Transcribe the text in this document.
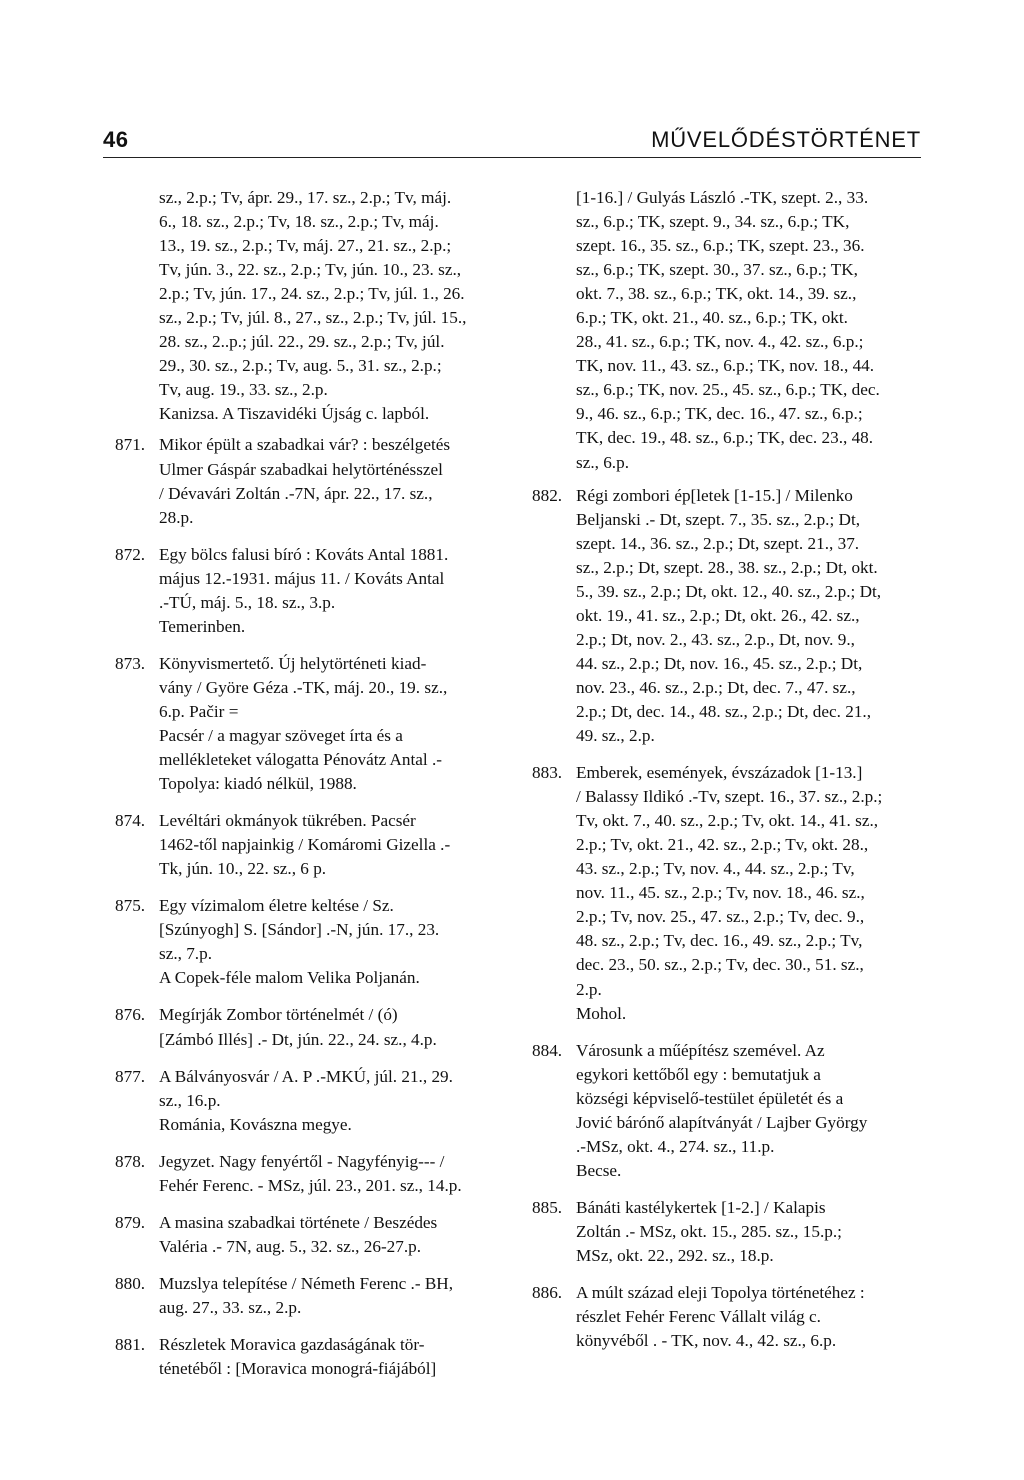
46	MŰVELŐDÉSTÖRTÉNET
sz., 2.p.; Tv, ápr. 29., 17. sz., 2.p.; Tv, máj.
6., 18. sz., 2.p.; Tv, 18. sz., 2.p.; Tv, máj.
13., 19. sz., 2.p.; Tv, máj. 27., 21. sz., 2.p.;
Tv, jún. 3., 22. sz., 2.p.; Tv, jún. 10., 23. sz.,
2.p.; Tv, jún. 17., 24. sz., 2.p.; Tv, júl. 1., 26.
sz., 2.p.; Tv, júl. 8., 27., sz., 2.p.; Tv, júl. 15.,
28. sz., 2..p.; júl. 22., 29. sz., 2.p.; Tv, júl.
29., 30. sz., 2.p.; Tv, aug. 5., 31. sz., 2.p.;
Tv, aug. 19., 33. sz., 2.p.
Kanizsa. A Tiszavidéki Újság c. lapból.
871. Mikor épült a szabadkai vár? : beszélgetés
Ulmer Gáspár szabadkai helytörténésszel
/ Dévavári Zoltán .-7N, ápr. 22., 17. sz.,
28.p.
872. Egy bölcs falusi bíró : Kováts Antal 1881.
május 12.-1931. május 11. / Kováts Antal
.-TÚ, máj. 5., 18. sz., 3.p.
Temerinben.
873. Könyvismertető. Új helytörténeti kiad-
vány / Györe Géza .-TK, máj. 20., 19. sz.,
6.p. Pačir =
Pacsér / a magyar szöveget írta és a
mellékleteket válogatta Pénovátz Antal .-
Topolya: kiadó nélkül, 1988.
874. Levéltári okmányok tükrében. Pacsér
1462-től napjainkig / Komáromi Gizella .-
Tk, jún. 10., 22. sz., 6 p.
875. Egy vízimalom életre keltése / Sz.
[Szúnyogh] S. [Sándor] .-N, jún. 17., 23.
sz., 7.p.
A Copek-féle malom Velika Poljanán.
876. Megírják Zombor történelmét / (ó)
[Zámbó Illés] .- Dt, jún. 22., 24. sz., 4.p.
877. A Bálványosvár / A. P .-MKÚ, júl. 21., 29.
sz., 16.p.
Románia, Kovászna megye.
878. Jegyzet. Nagy fenyértől - Nagyfényig--- /
Fehér Ferenc. - MSz, júl. 23., 201. sz., 14.p.
879. A masina szabadkai története / Beszédes
Valéria .- 7N, aug. 5., 32. sz., 26-27.p.
880. Muzslya telepítése / Németh Ferenc .- BH,
aug. 27., 33. sz., 2.p.
881. Részletek Moravica gazdaságának tör-
ténetéből : [Moravica monográ-fiájából]
[1-16.] / Gulyás László .-TK, szept. 2., 33.
sz., 6.p.; TK, szept. 9., 34. sz., 6.p.; TK,
szept. 16., 35. sz., 6.p.; TK, szept. 23., 36.
sz., 6.p.; TK, szept. 30., 37. sz., 6.p.; TK,
okt. 7., 38. sz., 6.p.; TK, okt. 14., 39. sz.,
6.p.; TK, okt. 21., 40. sz., 6.p.; TK, okt.
28., 41. sz., 6.p.; TK, nov. 4., 42. sz., 6.p.;
TK, nov. 11., 43. sz., 6.p.; TK, nov. 18., 44.
sz., 6.p.; TK, nov. 25., 45. sz., 6.p.; TK, dec.
9., 46. sz., 6.p.; TK, dec. 16., 47. sz., 6.p.;
TK, dec. 19., 48. sz., 6.p.; TK, dec. 23., 48.
sz., 6.p.
882. Régi zombori ép[letek [1-15.] / Milenko
Beljanski .- Dt, szept. 7., 35. sz., 2.p.; Dt,
szept. 14., 36. sz., 2.p.; Dt, szept. 21., 37.
sz., 2.p.; Dt, szept. 28., 38. sz., 2.p.; Dt, okt.
5., 39. sz., 2.p.; Dt, okt. 12., 40. sz., 2.p.; Dt,
okt. 19., 41. sz., 2.p.; Dt, okt. 26., 42. sz.,
2.p.; Dt, nov. 2., 43. sz., 2.p., Dt, nov. 9.,
44. sz., 2.p.; Dt, nov. 16., 45. sz., 2.p.; Dt,
nov. 23., 46. sz., 2.p.; Dt, dec. 7., 47. sz.,
2.p.; Dt, dec. 14., 48. sz., 2.p.; Dt, dec. 21.,
49. sz., 2.p.
883. Emberek, események, évszázadok [1-13.]
/ Balassy Ildikó .-Tv, szept. 16., 37. sz., 2.p.;
Tv, okt. 7., 40. sz., 2.p.; Tv, okt. 14., 41. sz.,
2.p.; Tv, okt. 21., 42. sz., 2.p.; Tv, okt. 28.,
43. sz., 2.p.; Tv, nov. 4., 44. sz., 2.p.; Tv,
nov. 11., 45. sz., 2.p.; Tv, nov. 18., 46. sz.,
2.p.; Tv, nov. 25., 47. sz., 2.p.; Tv, dec. 9.,
48. sz., 2.p.; Tv, dec. 16., 49. sz., 2.p.; Tv,
dec. 23., 50. sz., 2.p.; Tv, dec. 30., 51. sz.,
2.p.
Mohol.
884. Városunk a műépítész szemével. Az
egykori kettőből egy : bemutatjuk a
községi képviselő-testület épületét és a
Jović bárónő alapítványát / Lajber György
.-MSz, okt. 4., 274. sz., 11.p.
Becse.
885. Bánáti kastélykertek [1-2.] / Kalapis
Zoltán .- MSz, okt. 15., 285. sz., 15.p.;
MSz, okt. 22., 292. sz., 18.p.
886. A múlt század eleji Topolya történetéhez :
részlet Fehér Ferenc Vállalt világ c.
könyvéből . - TK, nov. 4., 42. sz., 6.p.
